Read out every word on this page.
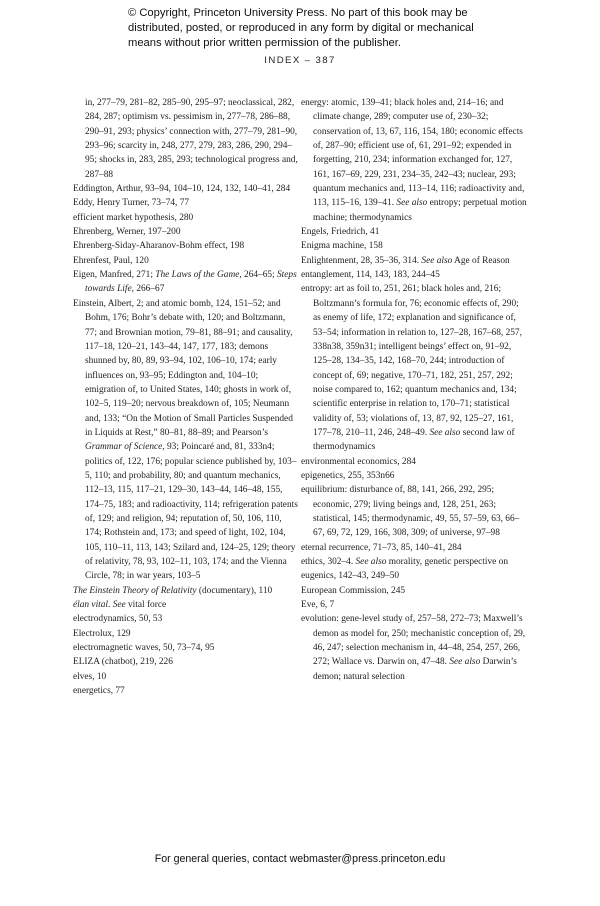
© Copyright, Princeton University Press. No part of this book may be distributed, posted, or reproduced in any form by digital or mechanical means without prior written permission of the publisher.
INDEX – 387

in, 277–79, 281–82, 285–90, 295–97; neoclassical, 282, 284, 287; optimism vs. pessimism in, 277–78, 286–88, 290–91, 293; physics’ connection with, 277–79, 281–90, 293–96; scarcity in, 248, 277, 279, 283, 286, 290, 294–95; shocks in, 283, 285, 293; technological progress and, 287–88

Eddington, Arthur, 93–94, 104–10, 124, 132, 140–41, 284

Eddy, Henry Turner, 73–74, 77

efficient market hypothesis, 280

Ehrenberg, Werner, 197–200

Ehrenberg-Siday-Aharanov-Bohm effect, 198

Ehrenfest, Paul, 120

Eigen, Manfred, 271; The Laws of the Game, 264–65; Steps towards Life, 266–67

Einstein, Albert, 2; and atomic bomb, 124, 151–52; and Bohm, 176; Bohr’s debate with, 120; and Boltzmann, 77; and Brownian motion, 79–81, 88–91; and causality, 117–18, 120–21, 143–44, 147, 177, 183; demons shunned by, 80, 89, 93–94, 102, 106–10, 174; early influences on, 93–95; Eddington and, 104–10; emigration of, to United States, 140; ghosts in work of, 102–5, 119–20; nervous breakdown of, 105; Neumann and, 133; “On the Motion of Small Particles Suspended in Liquids at Rest,” 80–81, 88–89; and Pearson’s Grammar of Science, 93; Poincaré and, 81, 333n4; politics of, 122, 176; popular science published by, 103–5, 110; and probability, 80; and quantum mechanics, 112–13, 115, 117–21, 129–30, 143–44, 146–48, 155, 174–75, 183; and radioactivity, 114; refrigeration patents of, 129; and religion, 94; reputation of, 50, 106, 110, 174; Rothstein and, 173; and speed of light, 102, 104, 105, 110–11, 113, 143; Szilard and, 124–25, 129; theory of relativity, 78, 93, 102–11, 103, 174; and the Vienna Circle, 78; in war years, 103–5

The Einstein Theory of Relativity (documentary), 110

élan vital. See vital force

electrodynamics, 50, 53

Electrolux, 129

electromagnetic waves, 50, 73–74, 95

ELIZA (chatbot), 219, 226

elves, 10

energetics, 77

energy: atomic, 139–41; black holes and, 214–16; and climate change, 289; computer use of, 230–32; conservation of, 13, 67, 116, 154, 180; economic effects of, 287–90; efficient use of, 61, 291–92; expended in forgetting, 210, 234; information exchanged for, 127, 161, 167–69, 229, 231, 234–35, 242–43; nuclear, 293; quantum mechanics and, 113–14, 116; radioactivity and, 113, 115–16, 139–41. See also entropy; perpetual motion machine; thermodynamics

Engels, Friedrich, 41

Enigma machine, 158

Enlightenment, 28, 35–36, 314. See also Age of Reason

entanglement, 114, 143, 183, 244–45

entropy: art as foil to, 251, 261; black holes and, 216; Boltzmann’s formula for, 76; economic effects of, 290; as enemy of life, 172; explanation and significance of, 53–54; information in relation to, 127–28, 167–68, 257, 338n38, 359n31; intelligent beings’ effect on, 91–92, 125–28, 134–35, 142, 168–70, 244; introduction of concept of, 69; negative, 170–71, 182, 251, 257, 292; noise compared to, 162; quantum mechanics and, 134; scientific enterprise in relation to, 170–71; statistical validity of, 53; violations of, 13, 87, 92, 125–27, 161, 177–78, 210–11, 246, 248–49. See also second law of thermodynamics

environmental economics, 284

epigenetics, 255, 353n66

equilibrium: disturbance of, 88, 141, 266, 292, 295; economic, 279; living beings and, 128, 251, 263; statistical, 145; thermodynamic, 49, 55, 57–59, 63, 66–67, 69, 72, 129, 166, 308, 309; of universe, 97–98

eternal recurrence, 71–73, 85, 140–41, 284

ethics, 302–4. See also morality, genetic perspective on

eugenics, 142–43, 249–50

European Commission, 245

Eve, 6, 7

evolution: gene-level study of, 257–58, 272–73; Maxwell’s demon as model for, 250; mechanistic conception of, 29, 46, 247; selection mechanism in, 44–48, 254, 257, 266, 272; Wallace vs. Darwin on, 47–48. See also Darwin’s demon; natural selection

For general queries, contact webmaster@press.princeton.edu
